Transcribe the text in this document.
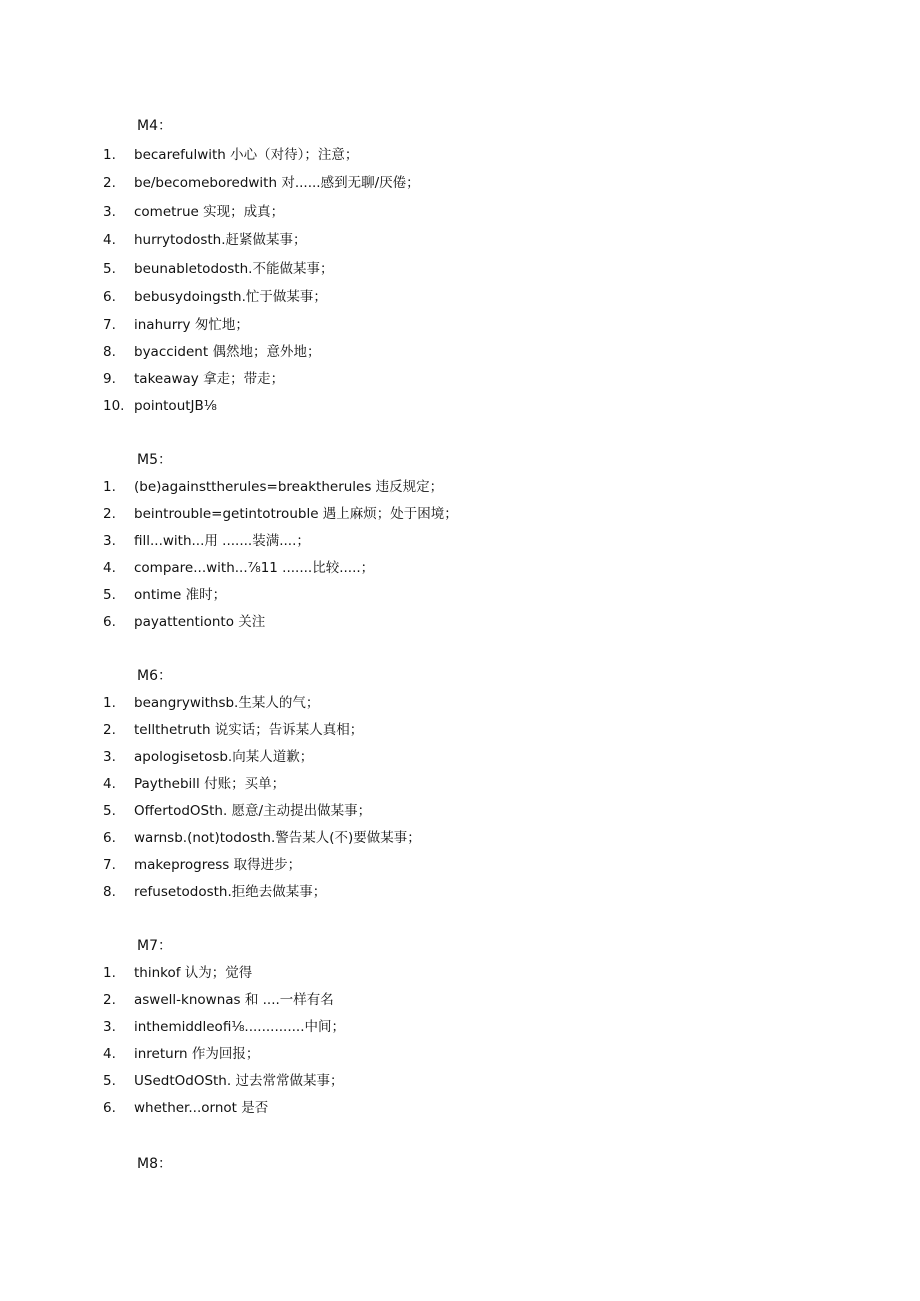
M4：
1. becarefulwith 小心（对待）；注意；
2. be/becomeboredwith 对......感到无聊/厌倦；
3. cometrue 实现；成真；
4. hurrytodosth.赶紧做某事；
5. beunabletodosth.不能做某事；
6. bebusydoingsth.忙于做某事；
7. inahurry 匆忙地；
8. byaccident 偶然地；意外地；
9. takeaway 拿走；带走；
10. pointoutJB⅛
M5：
1. (be)againsttherules=breaktherules 违反规定；
2. beintrouble=getintotrouble 遇上麻烦；处于困境；
3. fill...with...用 .......装满....；
4. compare...with...⅞11 .......比较.....；
5. ontime 准时；
6. payattentionto 关注
M6：
1. beangrywithsb.生某人的气；
2. tellthetruth 说实话；告诉某人真相；
3. apologisetosb.向某人道歉；
4. Paythebill 付账；买单；
5. OffertodOSth. 愿意/主动提出做某事；
6. warnsb.(not)todosth.警告某人(不)要做某事；
7. makeprogress 取得进步；
8. refusetodosth.拒绝去做某事；
M7：
1. thinkof 认为；觉得
2. aswell-knownas 和 ....一样有名
3. inthemiddleofi⅛..............中间；
4. inreturn 作为回报；
5. USedtOdOSth. 过去常常做某事；
6. whether...ornot 是否
M8：
